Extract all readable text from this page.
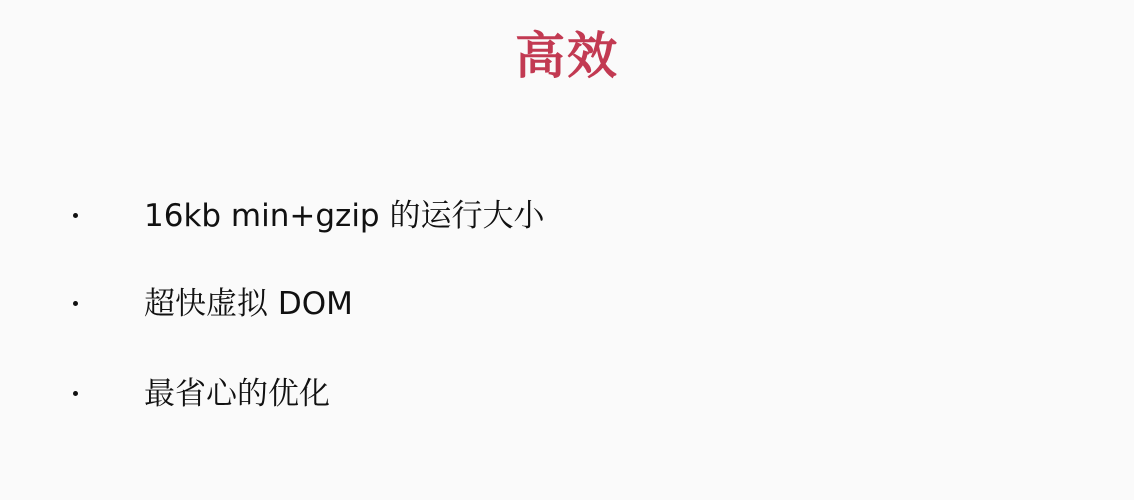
高效
16kb min+gzip 的运行大小
超快虚拟 DOM
最省心的优化
